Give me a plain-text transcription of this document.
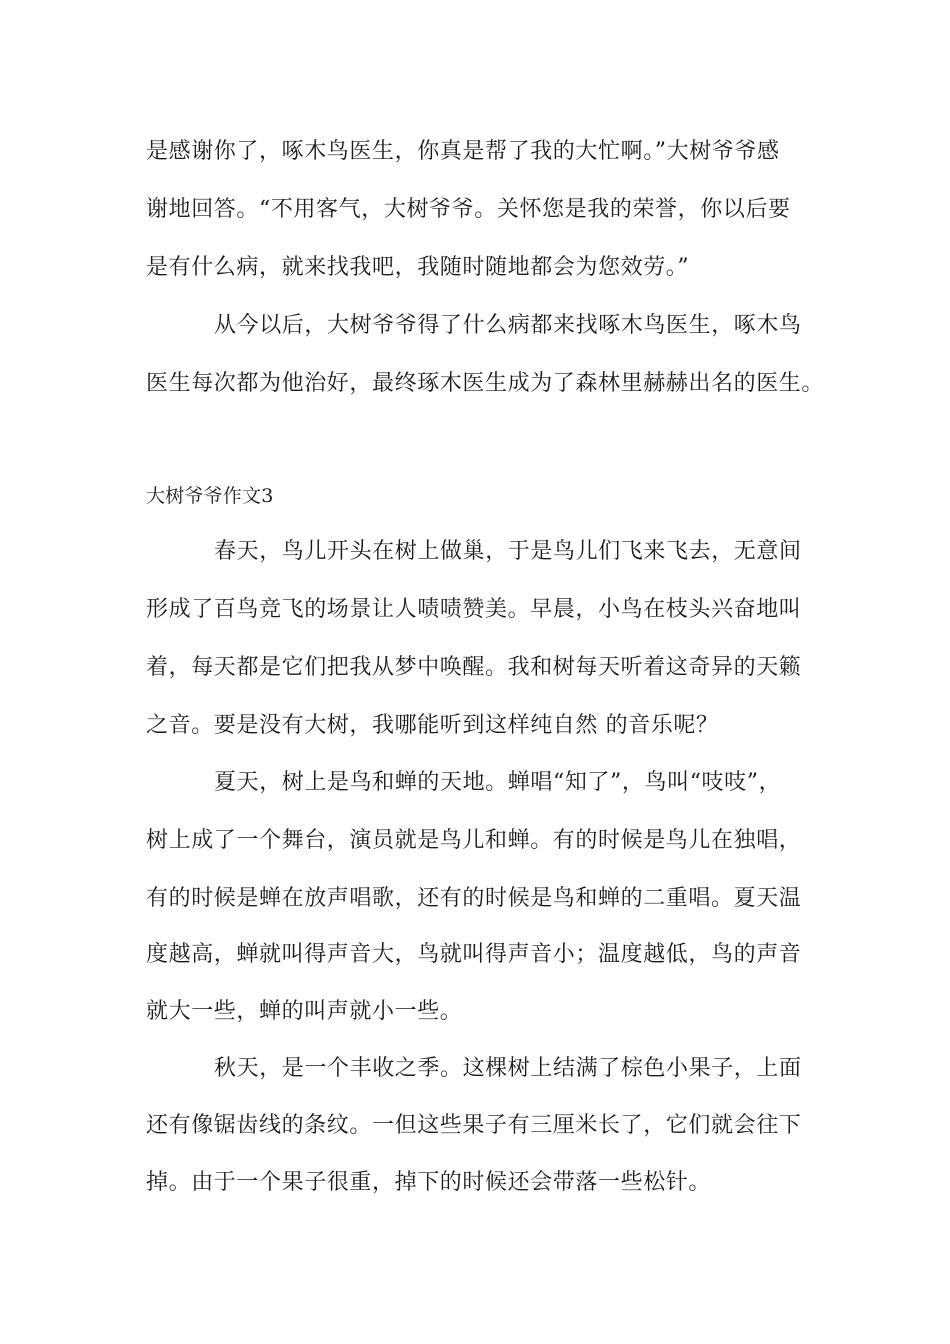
是感谢你了，啄木鸟医生，你真是帮了我的大忙啊。”大树爷爷感
谢地回答。“不用客气，大树爷爷。关怀您是我的荣誉，你以后要
是有什么病，就来找我吧，我随时随地都会为您效劳。”
从今以后，大树爷爷得了什么病都来找啄木鸟医生，啄木鸟
医生每次都为他治好，最终琢木医生成为了森林里赫赫出名的医生。
大树爷爷作文3
春天，鸟儿开头在树上做巢，于是鸟儿们飞来飞去，无意间
形成了百鸟竞飞的场景让人啧啧赞美。早晨，小鸟在枝头兴奋地叫
着，每天都是它们把我从梦中唤醒。我和树每天听着这奇异的天籁
之音。要是没有大树，我哪能听到这样纯自然 的音乐呢？
夏天，树上是鸟和蝉的天地。蝉唱“知了”，鸟叫“吱吱”，
树上成了一个舞台，演员就是鸟儿和蝉。有的时候是鸟儿在独唱，
有的时候是蝉在放声唱歌，还有的时候是鸟和蝉的二重唱。夏天温
度越高，蝉就叫得声音大，鸟就叫得声音小；温度越低，鸟的声音
就大一些，蝉的叫声就小一些。
秋天，是一个丰收之季。这棵树上结满了棕色小果子，上面
还有像锯齿线的条纹。一但这些果子有三厘米长了，它们就会往下
掉。由于一个果子很重，掉下的时候还会带落一些松针。
